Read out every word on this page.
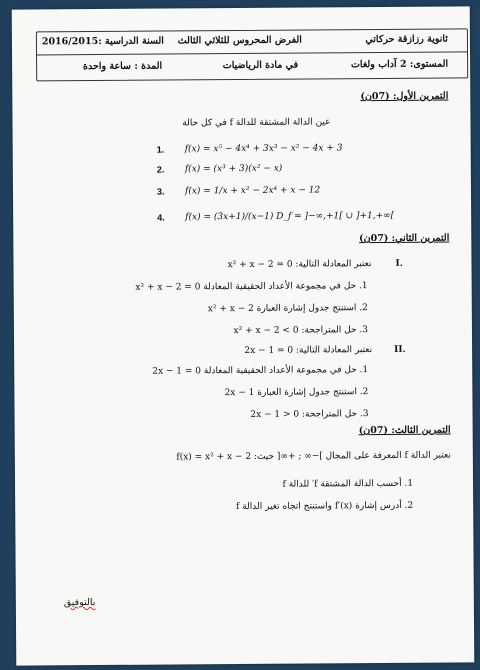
ثانوية رزازقة حركاتي
الفرض المحروس للثلاثي الثالث
السنة الدراسية :2016/2015
المستوى: 2 آداب ولغات
في مادة الرياضيات
المدة : ساعة واحدة
التمرين الأول: (07ن)
عين الدالة المشتقة للدالة f في كل حالة
1. f(x) = x⁵ − 4x⁴ + 3x³ − x² − 4x + 3
2. f(x) = (x³ + 3)(x² − x)
3. f(x) = 1/x + x² − 2x⁴ + x − 12
4. f(x) = (3x+1)/(x−1) D_f = ]−∞,+1[ ∪ ]+1,+∞[
التمرين الثاني: (07ن)
I.
نعتبر المعادلة التالية: x² + x − 2 = 0
1. حل في مجموعة الأعداد الحقيقية المعادلة x² + x − 2 = 0
2. استنتج جدول إشارة العبارة x² + x − 2
3. حل المتراجحة: x² + x − 2 < 0
II.
نعتبر المعادلة التالية: 2x − 1 = 0
1. حل في مجموعة الأعداد الحقيقية المعادلة 2x − 1 = 0
2. استنتج جدول إشارة العبارة 2x − 1
3. حل المتراجحة: 2x − 1 > 0
التمرين الثالث: (07ن)
نعتبر الدالة f المعرفة على المجال ]−∞ ; +∞[ حيث: f(x) = x² + x − 2
1. أحسب الدالة المشتقة f′ للدالة f
2. أدرس إشارة f′(x) واستنتج اتجاه تغير الدالة f
بالتوفيق
